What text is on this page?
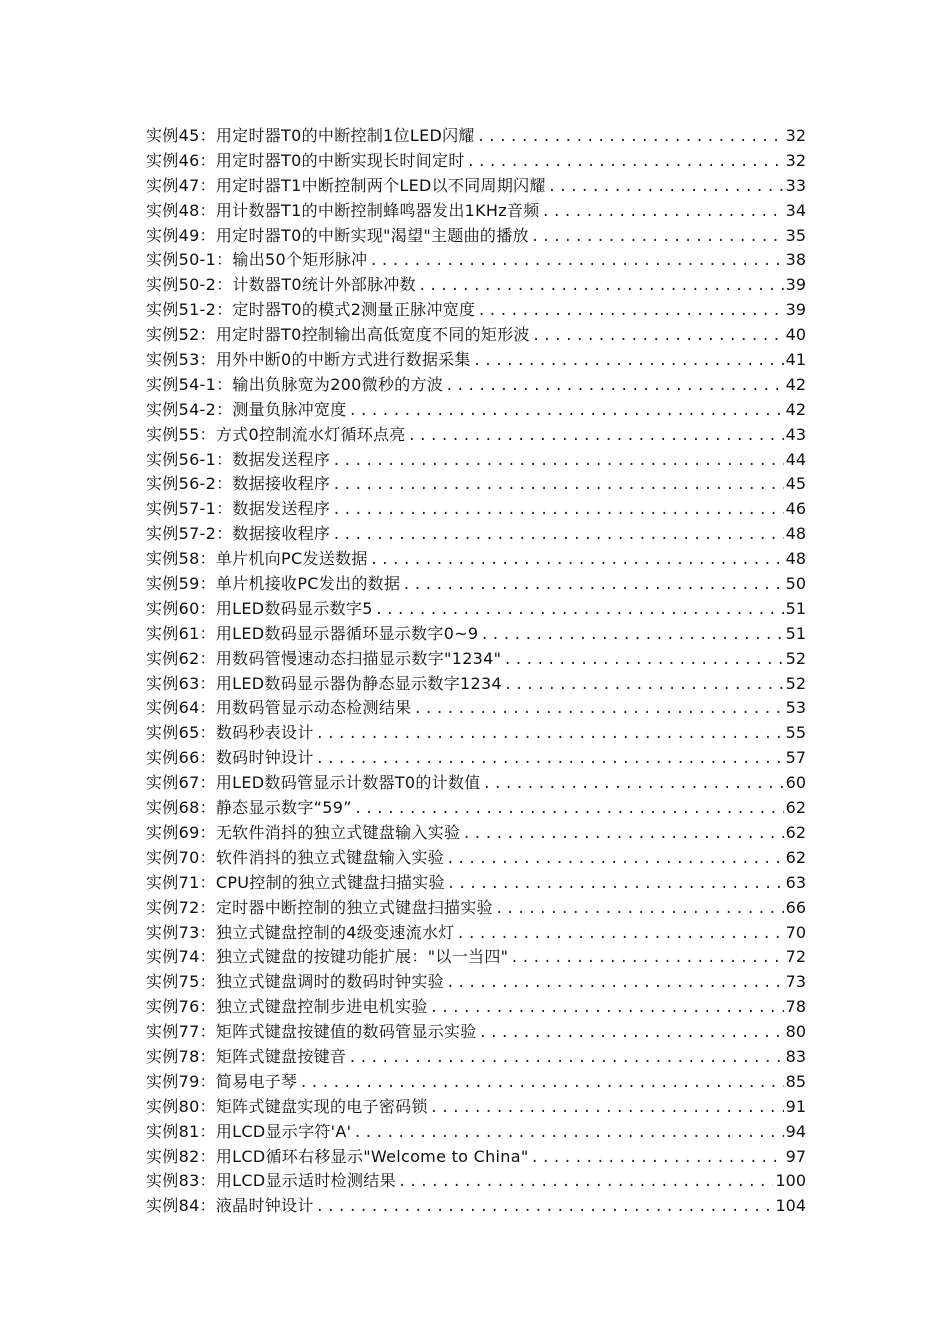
实例45：用定时器T0的中断控制1位LED闪耀 .....	32
实例46：用定时器T0的中断实现长时间定时 .....	32
实例47：用定时器T1中断控制两个LED以不同周期闪耀 .....	33
实例48：用计数器T1的中断控制蜂鸣器发出1KHz音频 .....	34
实例49：用定时器T0的中断实现"渴望"主题曲的播放 .....	35
实例50-1：输出50个矩形脉冲 .....	38
实例50-2：计数器T0统计外部脉冲数 .....	39
实例51-2：定时器T0的模式2测量正脉冲宽度 .....	39
实例52：用定时器T0控制输出高低宽度不同的矩形波 .....	40
实例53：用外中断0的中断方式进行数据采集 .....	41
实例54-1：输出负脉宽为200微秒的方波 .....	42
实例54-2：测量负脉冲宽度 .....	42
实例55：方式0控制流水灯循环点亮 .....	43
实例56-1：数据发送程序 .....	44
实例56-2：数据接收程序 .....	45
实例57-1：数据发送程序 .....	46
实例57-2：数据接收程序 .....	48
实例58：单片机向PC发送数据 .....	48
实例59：单片机接收PC发出的数据 .....	50
实例60：用LED数码显示数字5 .....	51
实例61：用LED数码显示器循环显示数字0~9 .....	51
实例62：用数码管慢速动态扫描显示数字"1234" .....	52
实例63：用LED数码显示器伪静态显示数字1234 .....	52
实例64：用数码管显示动态检测结果 .....	53
实例65：数码秒表设计 .....	55
实例66：数码时钟设计 .....	57
实例67：用LED数码管显示计数器T0的计数值 .....	60
实例68：静态显示数字“59” .....	62
实例69：无软件消抖的独立式键盘输入实验 .....	62
实例70：软件消抖的独立式键盘输入实验 .....	62
实例71：CPU控制的独立式键盘扫描实验 .....	63
实例72：定时器中断控制的独立式键盘扫描实验 .....	66
实例73：独立式键盘控制的4级变速流水灯 .....	70
实例74：独立式键盘的按键功能扩展："以一当四" .....	72
实例75：独立式键盘调时的数码时钟实验 .....	73
实例76：独立式键盘控制步进电机实验 .....	78
实例77：矩阵式键盘按键值的数码管显示实验 .....	80
实例78：矩阵式键盘按键音 .....	83
实例79：简易电子琴 .....	85
实例80：矩阵式键盘实现的电子密码锁 .....	91
实例81：用LCD显示字符'A' .....	94
实例82：用LCD循环右移显示"Welcome to China" .....	97
实例83：用LCD显示适时检测结果 .....	100
实例84：液晶时钟设计 .....	104
